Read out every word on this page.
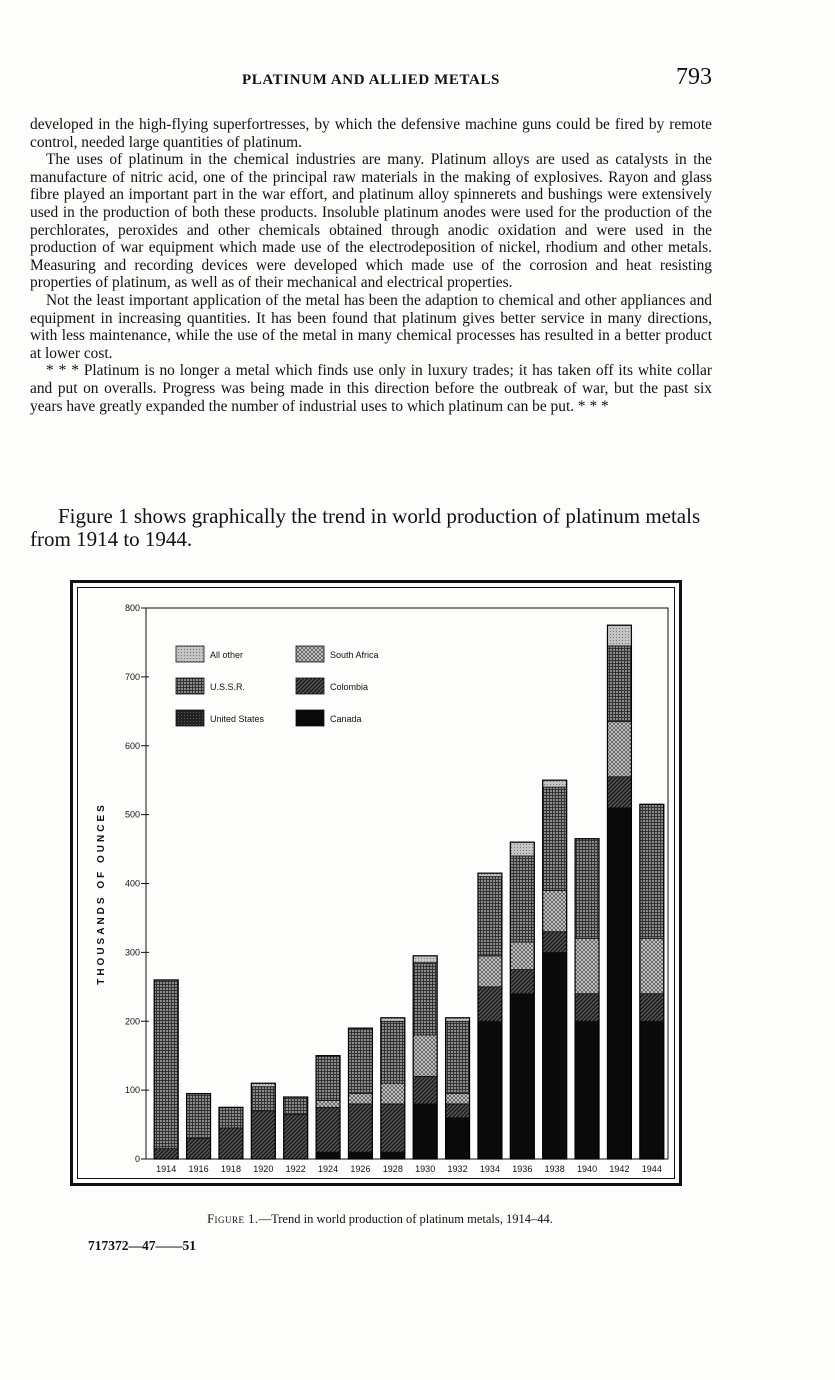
PLATINUM AND ALLIED METALS	793

developed in the high-flying superfortresses, by which the defensive machine guns could be fired by remote control, needed large quantities of platinum.

The uses of platinum in the chemical industries are many. Platinum alloys are used as catalysts in the manufacture of nitric acid, one of the principal raw materials in the making of explosives. Rayon and glass fibre played an important part in the war effort, and platinum alloy spinnerets and bushings were extensively used in the production of both these products. Insoluble platinum anodes were used for the production of the perchlorates, peroxides and other chemicals obtained through anodic oxidation and were used in the production of war equipment which made use of the electrodeposition of nickel, rhodium and other metals. Measuring and recording devices were developed which made use of the corrosion and heat resisting properties of platinum, as well as of their mechanical and electrical properties.

Not the least important application of the metal has been the adaption to chemical and other appliances and equipment in increasing quantities. It has been found that platinum gives better service in many directions, with less maintenance, while the use of the metal in many chemical processes has resulted in a better product at lower cost.

* * * Platinum is no longer a metal which finds use only in luxury trades; it has taken off its white collar and put on overalls. Progress was being made in this direction before the outbreak of war, but the past six years have greatly expanded the number of industrial uses to which platinum can be put. * * *

Figure 1 shows graphically the trend in world production of platinum metals from 1914 to 1944.

0
100
200
300
400
500
600
700
800
THOUSANDS OF OUNCES
1914 1916 1918 1920 1922 1924 1926 1928 1930 1932 1934 1936 1938 1940 1942 1944
All other	South Africa
U.S.S.R.	Colombia
United States	Canada
Figure 1.—Trend in world production of platinum metals, 1914–44.
717372—47——51
